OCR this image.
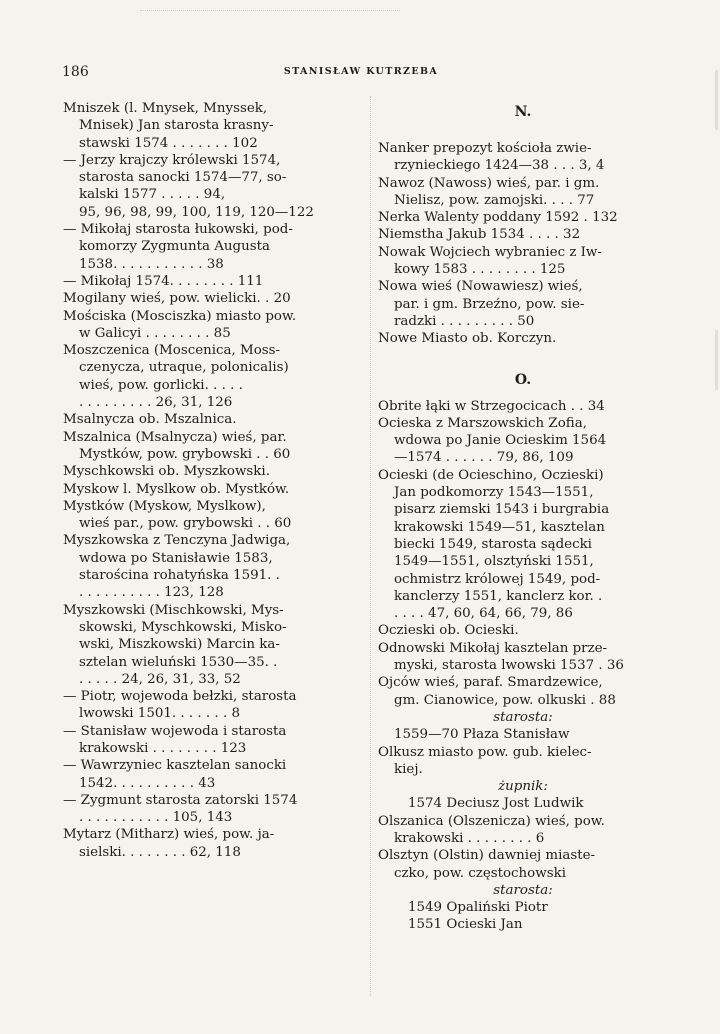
186	STANISŁAW KUTRZEBA
Mniszek (l. Mnysek, Mnyssek,
Mnisek) Jan starosta krasny-
stawski 1574 . . . . . . . 102
— Jerzy krajczy królewski 1574,
starosta sanocki 1574—77, so-
kalski 1577 . . . . . 94,
95, 96, 98, 99, 100, 119, 120—122
— Mikołaj starosta łukowski, pod-
komorzy Zygmunta Augusta
1538. . . . . . . . . . . 38
— Mikołaj 1574. . . . . . . . 111
Mogilany wieś, pow. wielicki. . 20
Mościska (Mosciszka) miasto pow.
w Galicyi . . . . . . . . 85
Moszczenica (Moscenica, Moss-
czenycza, utraque, polonicalis)
wieś, pow. gorlicki. . . . .
. . . . . . . . . 26, 31, 126
Msalnycza ob. Mszalnica.
Mszalnica (Msalnycza) wieś, par.
Mystków, pow. grybowski . . 60
Myschkowski ob. Myszkowski.
Myskow l. Myslkow ob. Mystków.
Mystków (Myskow, Myslkow),
wieś par., pow. grybowski . . 60
Myszkowska z Tenczyna Jadwiga,
wdowa po Stanisławie 1583,
starościna rohatyńska 1591. .
. . . . . . . . . . 123, 128
Myszkowski (Mischkowski, Mys-
skowski, Myschkowski, Misko-
wski, Miszkowski) Marcin ka-
sztelan wieluński 1530—35. .
. . . . . 24, 26, 31, 33, 52
— Piotr, wojewoda bełzki, starosta
lwowski 1501. . . . . . . 8
— Stanisław wojewoda i starosta
krakowski . . . . . . . . 123
— Wawrzyniec kasztelan sanocki
1542. . . . . . . . . . 43
— Zygmunt starosta zatorski 1574
. . . . . . . . . . . 105, 143
Mytarz (Mitharz) wieś, pow. ja-
sielski. . . . . . . . 62, 118
N.
Nanker prepozyt kościoła zwie-
rzynieckiego 1424—38 . . . 3, 4
Nawoz (Nawoss) wieś, par. i gm.
Nielisz, pow. zamojski. . . . 77
Nerka Walenty poddany 1592 . 132
Niemstha Jakub 1534 . . . . 32
Nowak Wojciech wybraniec z Iw-
kowy 1583 . . . . . . . . 125
Nowa wieś (Nowawiesz) wieś,
par. i gm. Brzeźno, pow. sie-
radzki . . . . . . . . . 50
Nowe Miasto ob. Korczyn.
O.
Obrite łąki w Strzegocicach . . 34
Ocieska z Marszowskich Zofia,
wdowa po Janie Ocieskim 1564
—1574 . . . . . . 79, 86, 109
Ocieski (de Ocieschino, Oczieski)
Jan podkomorzy 1543—1551,
pisarz ziemski 1543 i burgrabia
krakowski 1549—51, kasztelan
biecki 1549, starosta sądecki
1549—1551, olsztyński 1551,
ochmistrz królowej 1549, pod-
kanclerzy 1551, kanclerz kor. .
. . . . 47, 60, 64, 66, 79, 86
Oczieski ob. Ocieski.
Odnowski Mikołaj kasztelan prze-
myski, starosta lwowski 1537 . 36
Ojców wieś, paraf. Smardzewice,
gm. Cianowice, pow. olkuski . 88
starosta:
1559—70 Płaza Stanisław
Olkusz miasto pow. gub. kielec-
kiej.
żupnik:
1574 Deciusz Jost Ludwik
Olszanica (Olszenicza) wieś, pow.
krakowski . . . . . . . . 6
Olsztyn (Olstin) dawniej miaste-
czko, pow. częstochowski
starosta:
1549 Opaliński Piotr
1551 Ocieski Jan
